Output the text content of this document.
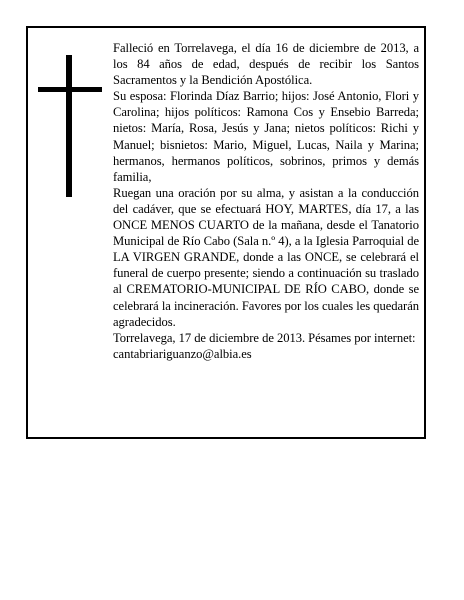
Falleció en Torrelavega, el día 16 de diciembre de 2013, a los 84 años de edad, después de recibir los Santos Sacramentos y la Bendición Apostólica.

Su esposa: Florinda Díaz Barrio; hijos: José Antonio, Flori y Carolina; hijos políticos: Ramona Cos y Ensebio Barreda; nietos: María, Rosa, Jesús y Jana; nietos políticos: Richi y Manuel; bisnietos: Mario, Miguel, Lucas, Naila y Marina; hermanos, hermanos políticos, sobrinos, primos y demás familia,

Ruegan una oración por su alma, y asistan a la conducción del cadáver, que se efectuará HOY, MARTES, día 17, a las ONCE MENOS CUARTO de la mañana, desde el Tanatorio Municipal de Río Cabo (Sala n.º 4), a la Iglesia Parroquial de LA VIRGEN GRANDE, donde a las ONCE, se celebrará el funeral de cuerpo presente; siendo a continuación su traslado al CREMATORIO-MUNICIPAL DE RÍO CABO, donde se celebrará la incineración. Favores por los cuales les quedarán agradecidos.

Torrelavega, 17 de diciembre de 2013. Pésames por internet: cantabriariguanzo@albia.es
